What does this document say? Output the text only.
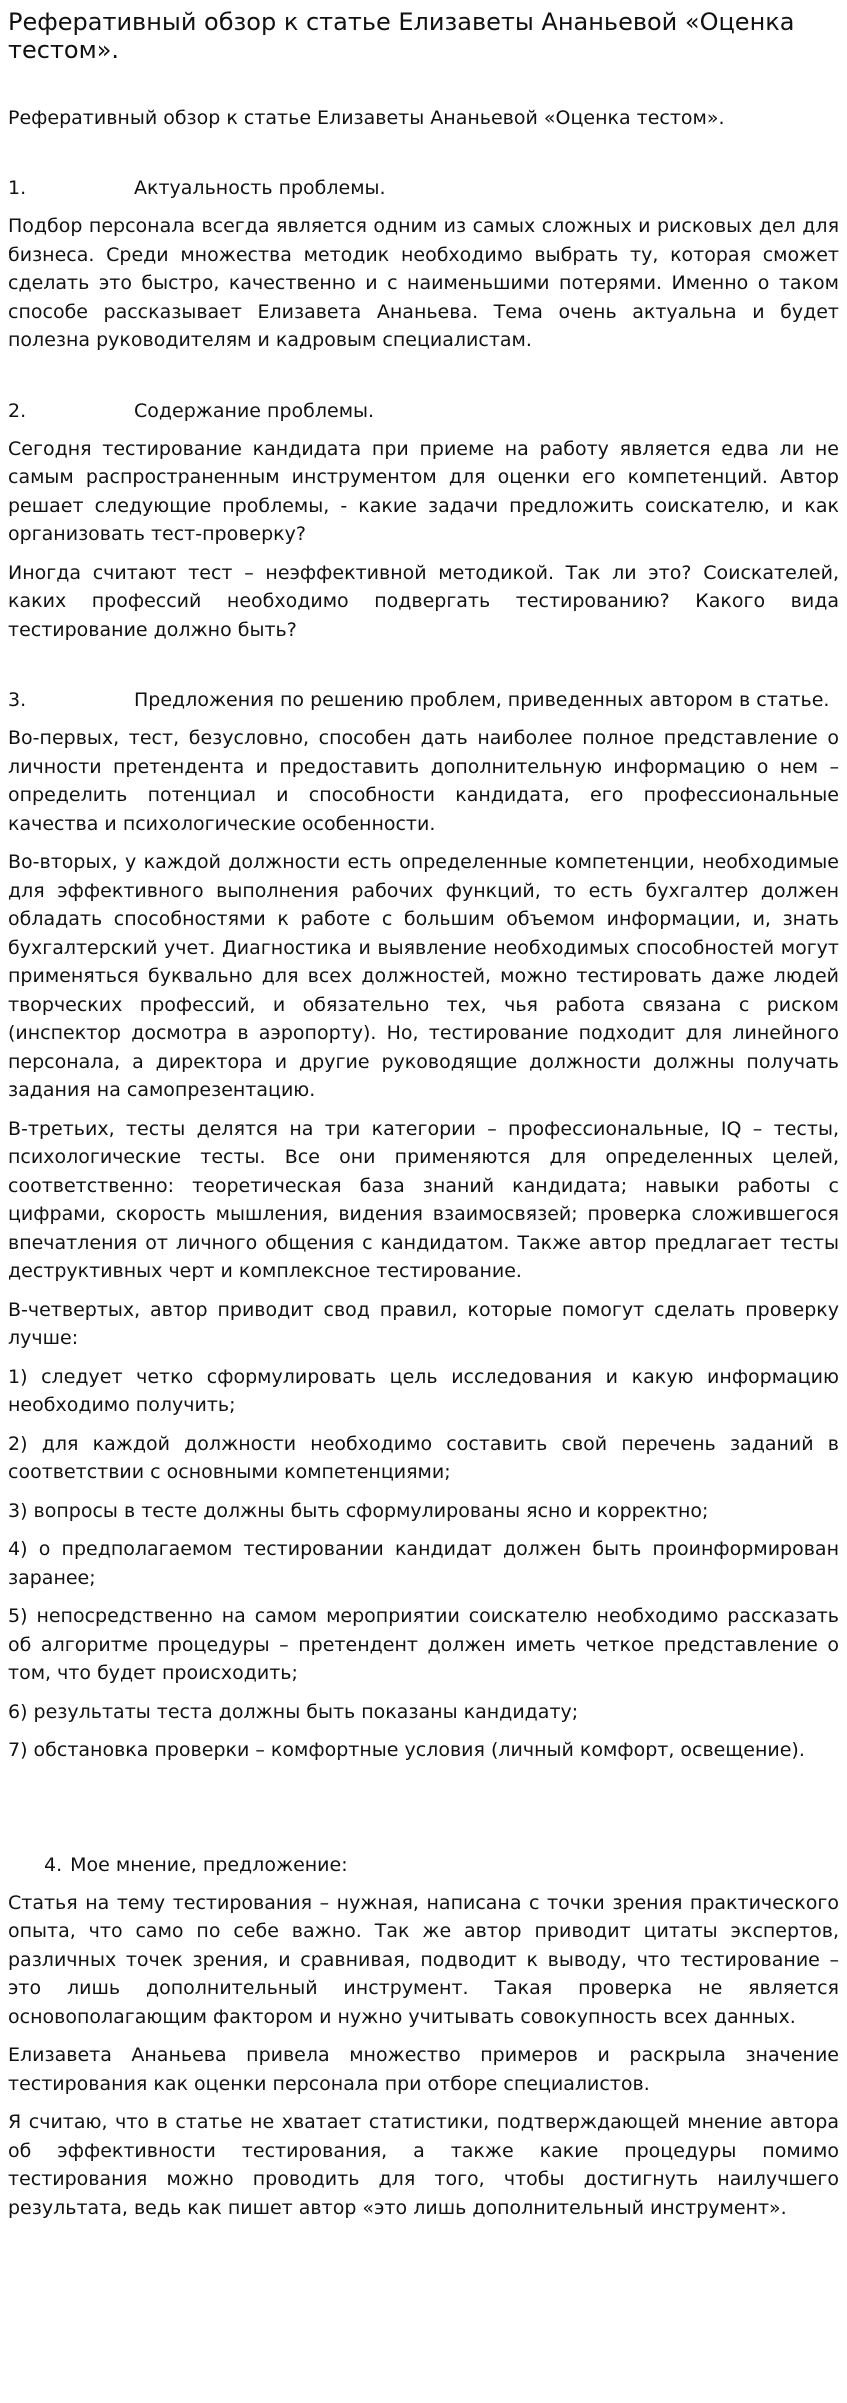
Реферативный обзор к статье Елизаветы Ананьевой «Оценка тестом».
Реферативный обзор к статье Елизаветы Ананьевой «Оценка тестом».
1.	Актуальность проблемы.

Подбор персонала всегда является одним из самых сложных и рисковых дел для бизнеса. Среди множества методик необходимо выбрать ту, которая сможет сделать это быстро, качественно и с наименьшими потерями. Именно о таком способе рассказывает Елизавета Ананьева. Тема очень актуальна и будет полезна руководителям и кадровым специалистам.

2.	Содержание проблемы.

Сегодня тестирование кандидата при приеме на работу является едва ли не самым распространенным инструментом для оценки его компетенций. Автор решает следующие проблемы, - какие задачи предложить соискателю, и как организовать тест-проверку?

Иногда считают тест – неэффективной методикой. Так ли это? Соискателей, каких профессий необходимо подвергать тестированию? Какого вида тестирование должно быть?

3.	Предложения по решению проблем, приведенных автором в статье.

Во-первых, тест, безусловно, способен дать наиболее полное представление о личности претендента и предоставить дополнительную информацию о нем – определить потенциал и способности кандидата, его профессиональные качества и психологические особенности.

Во-вторых, у каждой должности есть определенные компетенции, необходимые для эффективного выполнения рабочих функций, то есть бухгалтер должен обладать способностями к работе с большим объемом информации, и, знать бухгалтерский учет. Диагностика и выявление необходимых способностей могут применяться буквально для всех должностей, можно тестировать даже людей творческих профессий, и обязательно тех, чья работа связана с риском (инспектор досмотра в аэропорту). Но, тестирование подходит для линейного персонала, а директора и другие руководящие должности должны получать задания на самопрезентацию.

В-третьих, тесты делятся на три категории – профессиональные, IQ – тесты, психологические тесты. Все они применяются для определенных целей, соответственно: теоретическая база знаний кандидата; навыки работы с цифрами, скорость мышления, видения взаимосвязей; проверка сложившегося впечатления от личного общения с кандидатом. Также автор предлагает тесты деструктивных черт и комплексное тестирование.

В-четвертых, автор приводит свод правил, которые помогут сделать проверку лучше:

1) следует четко сформулировать цель исследования и какую информацию необходимо получить;

2) для каждой должности необходимо составить свой перечень заданий в соответствии с основными компетенциями;

3) вопросы в тесте должны быть сформулированы ясно и корректно;

4) о предполагаемом тестировании кандидат должен быть проинформирован заранее;

5) непосредственно на самом мероприятии соискателю необходимо рассказать об алгоритме процедуры – претендент должен иметь четкое представление о том, что будет происходить;

6) результаты теста должны быть показаны кандидату;

7) обстановка проверки – комфортные условия (личный комфорт, освещение).

4. Мое мнение, предложение:

Статья на тему тестирования – нужная, написана с точки зрения практического опыта, что само по себе важно. Так же автор приводит цитаты экспертов, различных точек зрения, и сравнивая, подводит к выводу, что тестирование – это лишь дополнительный инструмент. Такая проверка не является основополагающим фактором и нужно учитывать совокупность всех данных.

Елизавета Ананьева привела множество примеров и раскрыла значение тестирования как оценки персонала при отборе специалистов.

Я считаю, что в статье не хватает статистики, подтверждающей мнение автора об эффективности тестирования, а также какие процедуры помимо тестирования можно проводить для того, чтобы достигнуть наилучшего результата, ведь как пишет автор «это лишь дополнительный инструмент».
